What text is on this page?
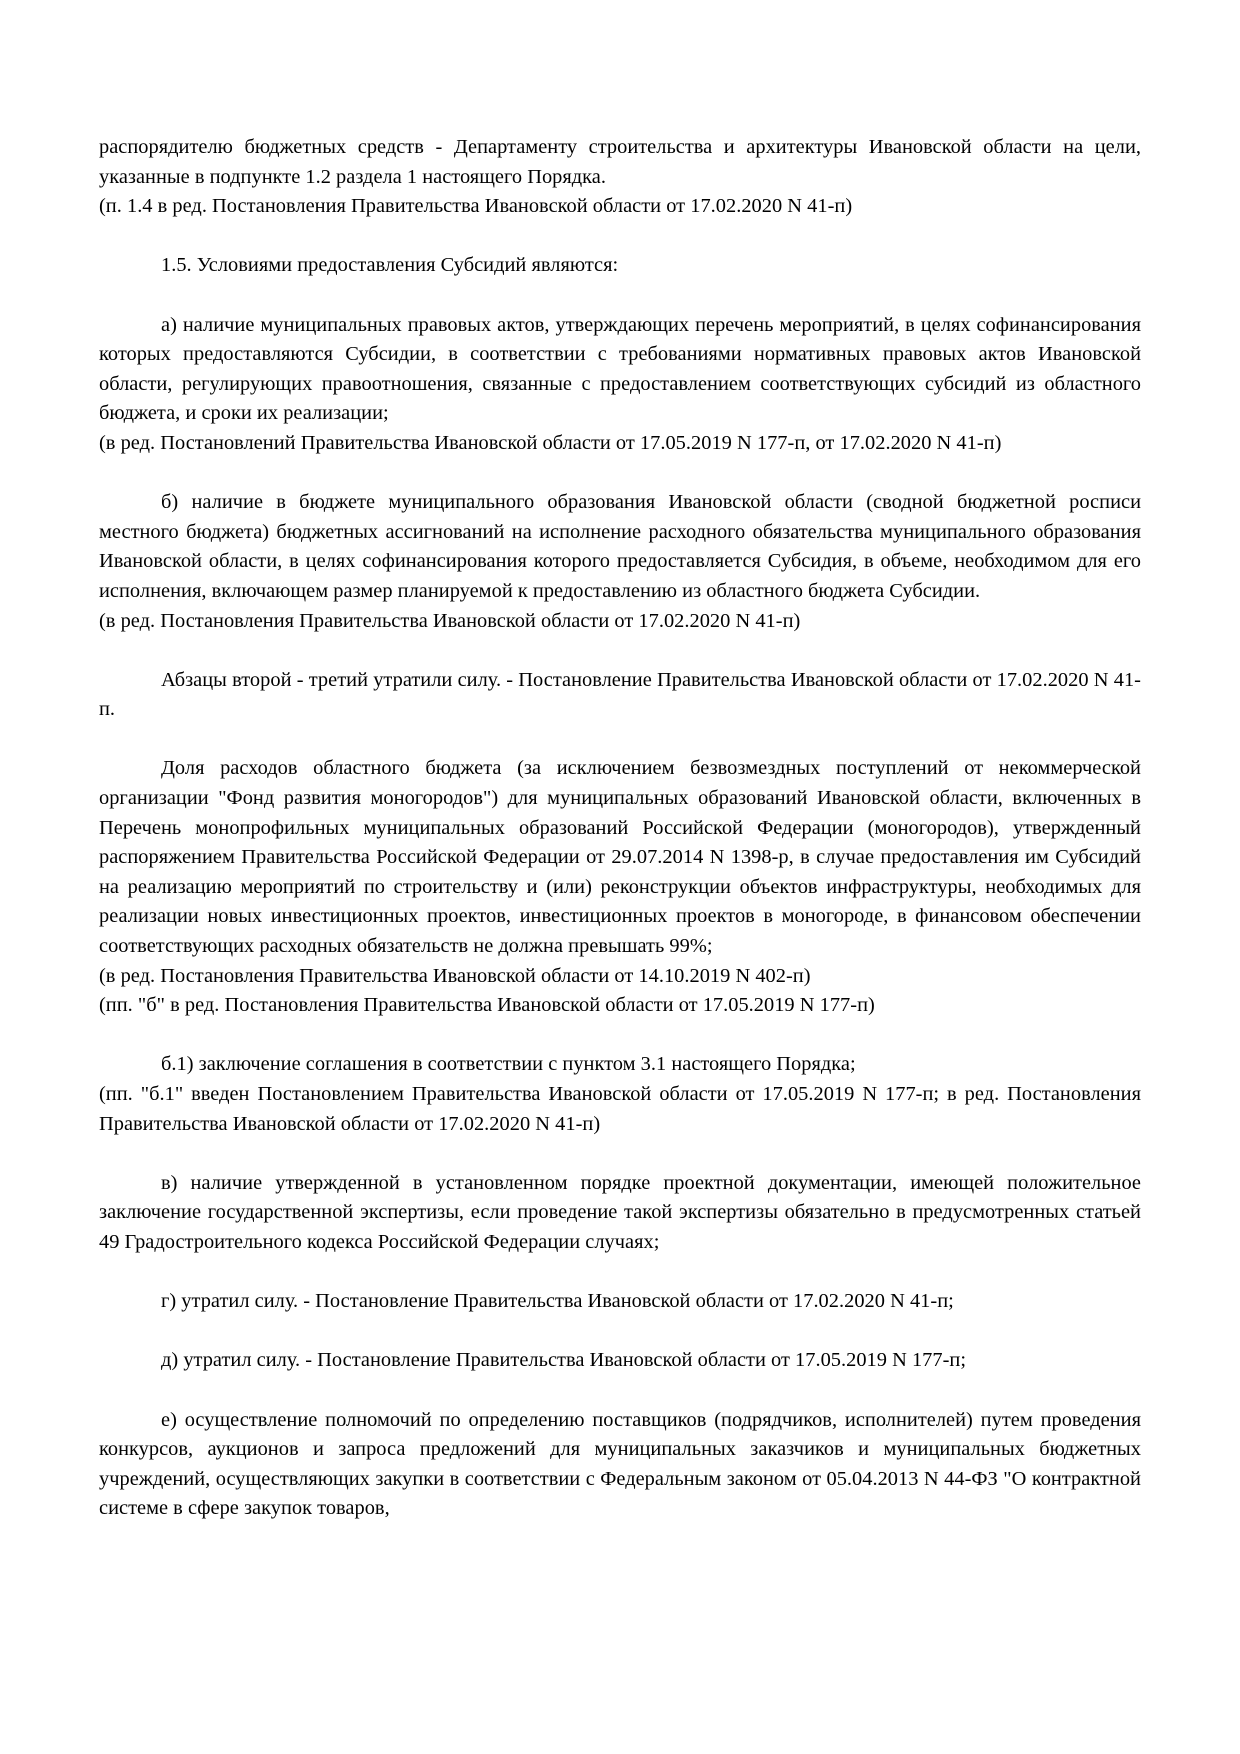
распорядителю бюджетных средств - Департаменту строительства и архитектуры Ивановской области на цели, указанные в подпункте 1.2 раздела 1 настоящего Порядка.

(п. 1.4 в ред. Постановления Правительства Ивановской области от 17.02.2020 N 41-п)

1.5. Условиями предоставления Субсидий являются:

а) наличие муниципальных правовых актов, утверждающих перечень мероприятий, в целях софинансирования которых предоставляются Субсидии, в соответствии с требованиями нормативных правовых актов Ивановской области, регулирующих правоотношения, связанные с предоставлением соответствующих субсидий из областного бюджета, и сроки их реализации;

(в ред. Постановлений Правительства Ивановской области от 17.05.2019 N 177-п, от 17.02.2020 N 41-п)

б) наличие в бюджете муниципального образования Ивановской области (сводной бюджетной росписи местного бюджета) бюджетных ассигнований на исполнение расходного обязательства муниципального образования Ивановской области, в целях софинансирования которого предоставляется Субсидия, в объеме, необходимом для его исполнения, включающем размер планируемой к предоставлению из областного бюджета Субсидии.

(в ред. Постановления Правительства Ивановской области от 17.02.2020 N 41-п)

Абзацы второй - третий утратили силу. - Постановление Правительства Ивановской области от 17.02.2020 N 41-п.

Доля расходов областного бюджета (за исключением безвозмездных поступлений от некоммерческой организации "Фонд развития моногородов") для муниципальных образований Ивановской области, включенных в Перечень монопрофильных муниципальных образований Российской Федерации (моногородов), утвержденный распоряжением Правительства Российской Федерации от 29.07.2014 N 1398-р, в случае предоставления им Субсидий на реализацию мероприятий по строительству и (или) реконструкции объектов инфраструктуры, необходимых для реализации новых инвестиционных проектов, инвестиционных проектов в моногороде, в финансовом обеспечении соответствующих расходных обязательств не должна превышать 99%;

(в ред. Постановления Правительства Ивановской области от 14.10.2019 N 402-п)

(пп. "б" в ред. Постановления Правительства Ивановской области от 17.05.2019 N 177-п)

б.1) заключение соглашения в соответствии с пунктом 3.1 настоящего Порядка;

(пп. "б.1" введен Постановлением Правительства Ивановской области от 17.05.2019 N 177-п; в ред. Постановления Правительства Ивановской области от 17.02.2020 N 41-п)

в) наличие утвержденной в установленном порядке проектной документации, имеющей положительное заключение государственной экспертизы, если проведение такой экспертизы обязательно в предусмотренных статьей 49 Градостроительного кодекса Российской Федерации случаях;

г) утратил силу. - Постановление Правительства Ивановской области от 17.02.2020 N 41-п;

д) утратил силу. - Постановление Правительства Ивановской области от 17.05.2019 N 177-п;

е) осуществление полномочий по определению поставщиков (подрядчиков, исполнителей) путем проведения конкурсов, аукционов и запроса предложений для муниципальных заказчиков и муниципальных бюджетных учреждений, осуществляющих закупки в соответствии с Федеральным законом от 05.04.2013 N 44-ФЗ "О контрактной системе в сфере закупок товаров,
